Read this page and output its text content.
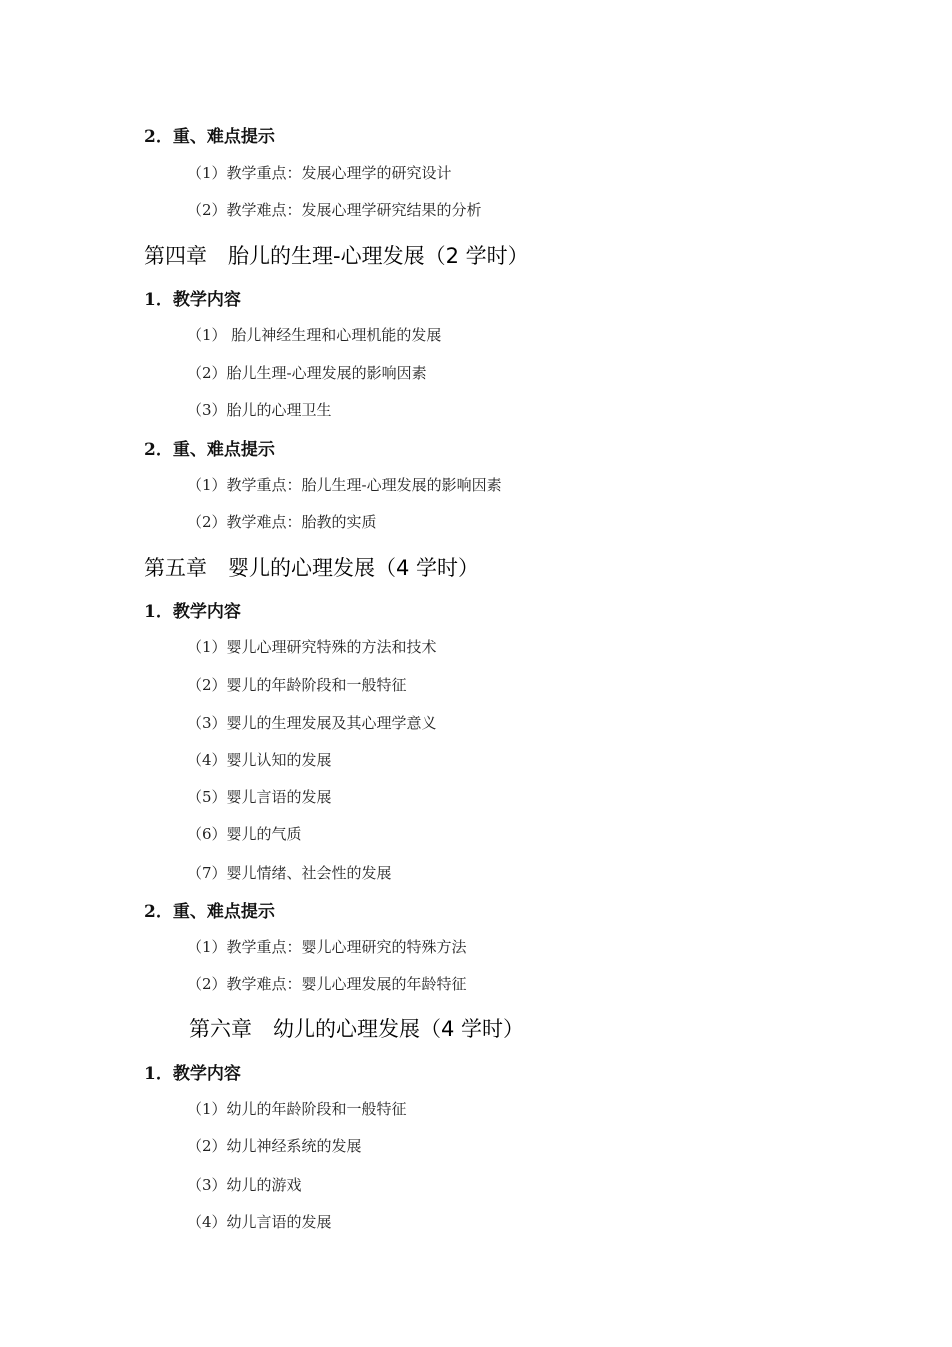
2．重、难点提示
（1）教学重点：发展心理学的研究设计
（2）教学难点：发展心理学研究结果的分析
第四章　胎儿的生理-心理发展（2 学时）
1．教学内容
（1） 胎儿神经生理和心理机能的发展
（2）胎儿生理-心理发展的影响因素
（3）胎儿的心理卫生
2．重、难点提示
（1）教学重点：胎儿生理-心理发展的影响因素
（2）教学难点：胎教的实质
第五章　婴儿的心理发展（4 学时）
1．教学内容
（1）婴儿心理研究特殊的方法和技术
（2）婴儿的年龄阶段和一般特征
（3）婴儿的生理发展及其心理学意义
（4）婴儿认知的发展
（5）婴儿言语的发展
（6）婴儿的气质
（7）婴儿情绪、社会性的发展
2．重、难点提示
（1）教学重点：婴儿心理研究的特殊方法
（2）教学难点：婴儿心理发展的年龄特征
第六章　幼儿的心理发展（4 学时）
1．教学内容
（1）幼儿的年龄阶段和一般特征
（2）幼儿神经系统的发展
（3）幼儿的游戏
（4）幼儿言语的发展
